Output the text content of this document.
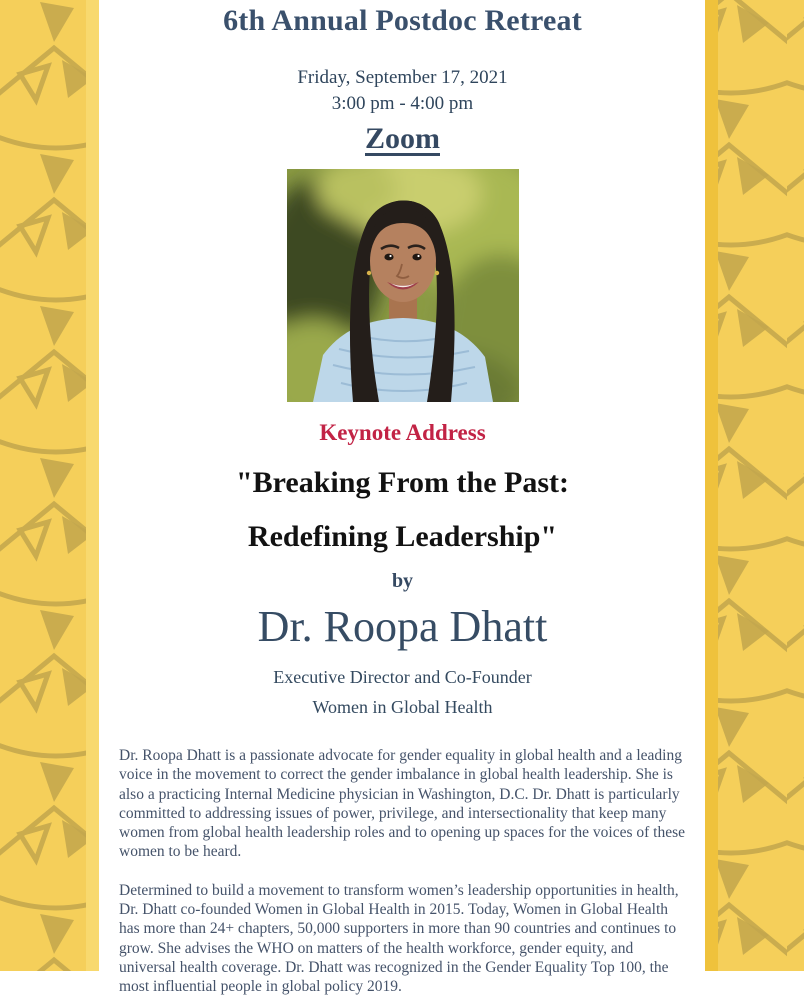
6th Annual Postdoc Retreat
Friday, September 17, 2021
3:00 pm - 4:00 pm
Zoom
Keynote Address
"Breaking From the Past:
Redefining Leadership"
by
Dr. Roopa Dhatt
Executive Director and Co-Founder
Women in Global Health

Dr. Roopa Dhatt is a passionate advocate for gender equality in global health and a leading voice in the movement to correct the gender imbalance in global health leadership. She is also a practicing Internal Medicine physician in Washington, D.C. Dr. Dhatt is particularly committed to addressing issues of power, privilege, and intersectionality that keep many women from global health leadership roles and to opening up spaces for the voices of these women to be heard.

Determined to build a movement to transform women’s leadership opportunities in health, Dr. Dhatt co-founded Women in Global Health in 2015. Today, Women in Global Health has more than 24+ chapters, 50,000 supporters in more than 90 countries and continues to grow. She advises the WHO on matters of the health workforce, gender equity, and universal health coverage. Dr. Dhatt was recognized in the Gender Equality Top 100, the most influential people in global policy 2019.
